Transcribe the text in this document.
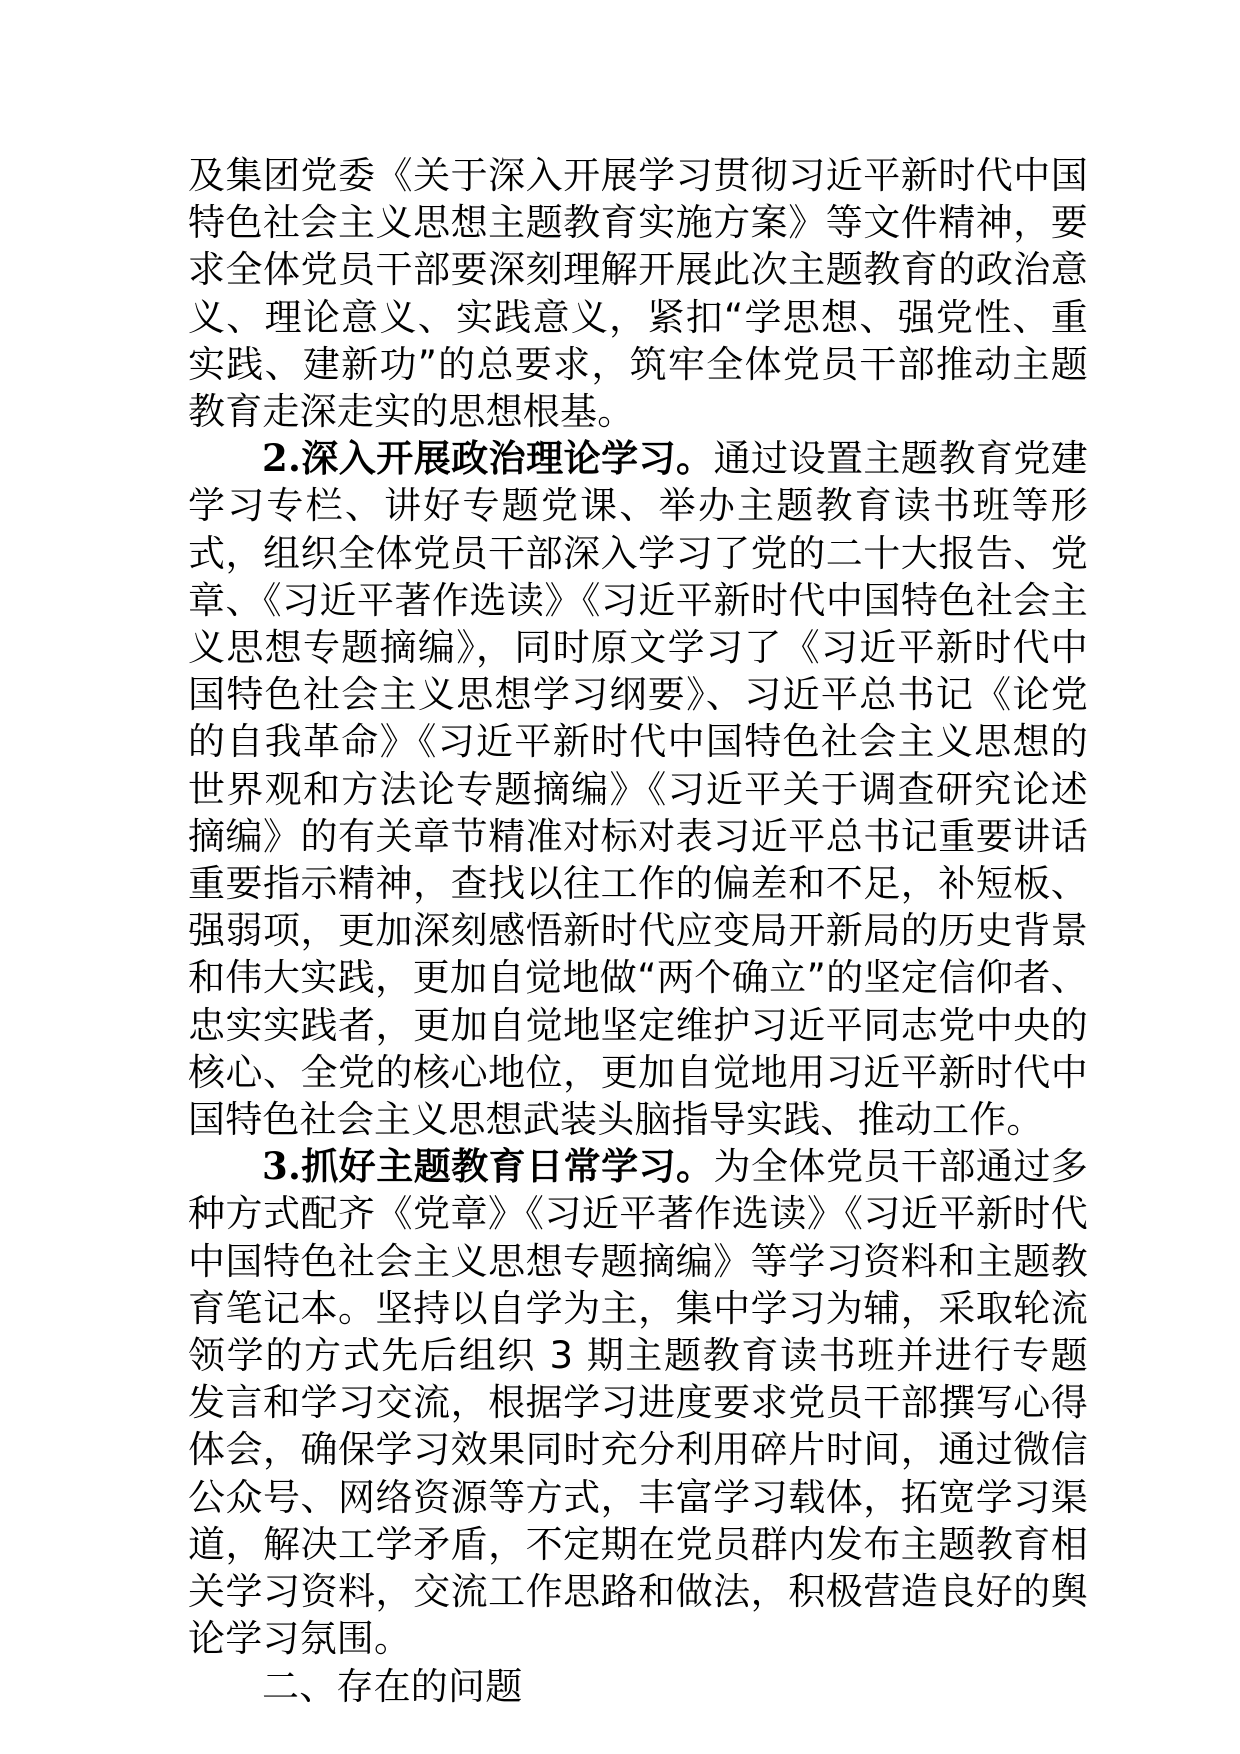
及集团党委《关于深入开展学习贯彻习近平新时代中国特色社会主义思想主题教育实施方案》等文件精神，要求全体党员干部要深刻理解开展此次主题教育的政治意义、理论意义、实践意义，紧扣“学思想、强党性、重实践、建新功”的总要求，筑牢全体党员干部推动主题教育走深走实的思想根基。

2.深入开展政治理论学习。通过设置主题教育党建学习专栏、讲好专题党课、举办主题教育读书班等形式，组织全体党员干部深入学习了党的二十大报告、党章、《习近平著作选读》《习近平新时代中国特色社会主义思想专题摘编》，同时原文学习了《习近平新时代中国特色社会主义思想学习纲要》、习近平总书记《论党的自我革命》《习近平新时代中国特色社会主义思想的世界观和方法论专题摘编》《习近平关于调查研究论述摘编》的有关章节精准对标对表习近平总书记重要讲话重要指示精神，查找以往工作的偏差和不足，补短板、强弱项，更加深刻感悟新时代应变局开新局的历史背景和伟大实践，更加自觉地做“两个确立”的坚定信仰者、忠实实践者，更加自觉地坚定维护习近平同志党中央的核心、全党的核心地位，更加自觉地用习近平新时代中国特色社会主义思想武装头脑指导实践、推动工作。

3.抓好主题教育日常学习。为全体党员干部通过多种方式配齐《党章》《习近平著作选读》《习近平新时代中国特色社会主义思想专题摘编》等学习资料和主题教育笔记本。坚持以自学为主，集中学习为辅，采取轮流领学的方式先后组织 3 期主题教育读书班并进行专题发言和学习交流，根据学习进度要求党员干部撰写心得体会，确保学习效果同时充分利用碎片时间，通过微信公众号、网络资源等方式，丰富学习载体，拓宽学习渠道，解决工学矛盾，不定期在党员群内发布主题教育相关学习资料，交流工作思路和做法，积极营造良好的舆论学习氛围。

二、存在的问题
